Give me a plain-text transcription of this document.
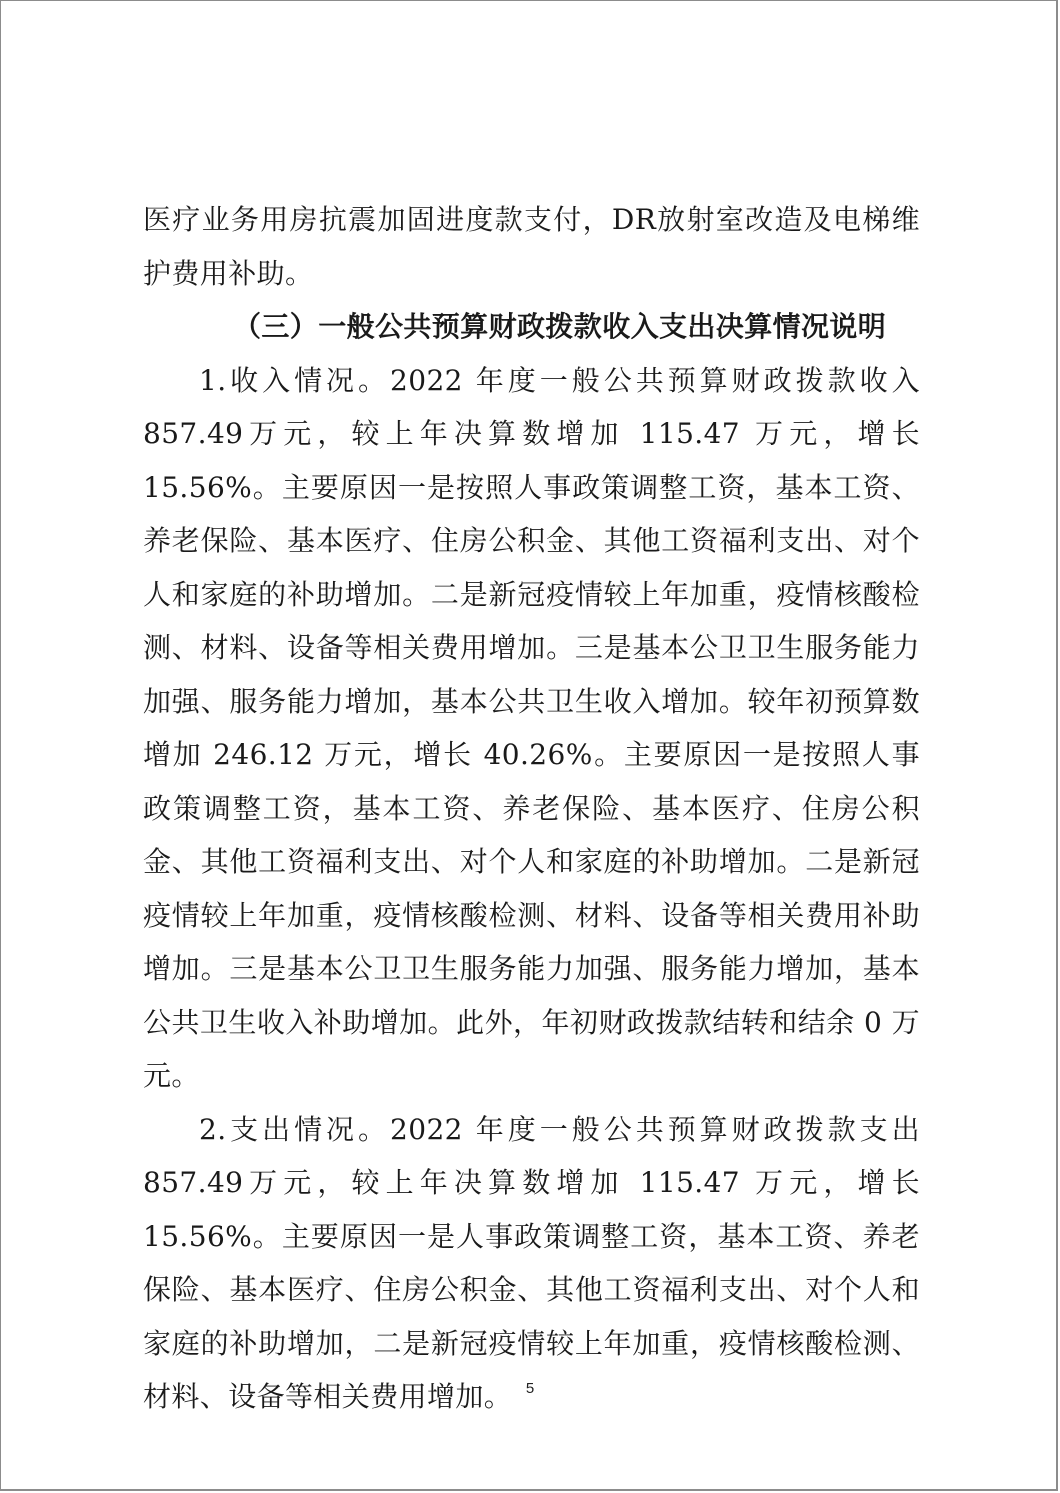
医疗业务用房抗震加固进度款支付，DR放射室改造及电梯维护费用补助。

（三）一般公共预算财政拨款收入支出决算情况说明

1.收入情况。2022 年度一般公共预算财政拨款收入 857.49万元，较上年决算数增加 115.47 万元，增长 15.56%。主要原因一是按照人事政策调整工资，基本工资、养老保险、基本医疗、住房公积金、其他工资福利支出、对个人和家庭的补助增加。二是新冠疫情较上年加重，疫情核酸检测、材料、设备等相关费用增加。三是基本公卫卫生服务能力加强、服务能力增加，基本公共卫生收入增加。较年初预算数增加 246.12 万元，增长 40.26%。主要原因一是按照人事政策调整工资，基本工资、养老保险、基本医疗、住房公积金、其他工资福利支出、对个人和家庭的补助增加。二是新冠疫情较上年加重，疫情核酸检测、材料、设备等相关费用补助增加。三是基本公卫卫生服务能力加强、服务能力增加，基本公共卫生收入补助增加。此外，年初财政拨款结转和结余 0 万元。

2.支出情况。2022 年度一般公共预算财政拨款支出 857.49万元，较上年决算数增加 115.47 万元，增长 15.56%。主要原因一是人事政策调整工资，基本工资、养老保险、基本医疗、住房公积金、其他工资福利支出、对个人和家庭的补助增加，二是新冠疫情较上年加重，疫情核酸检测、材料、设备等相关费用增加。 5
